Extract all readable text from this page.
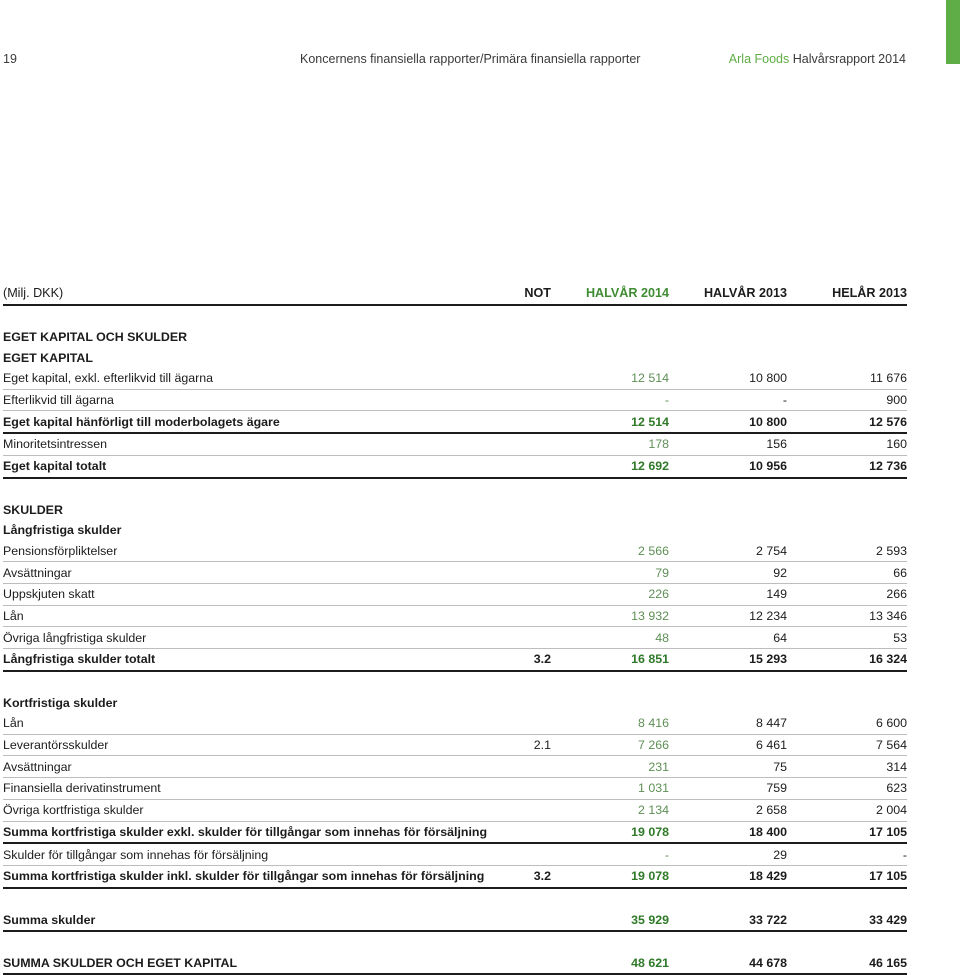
19	Koncernens finansiella rapporter/Primära finansiella rapporter	Arla Foods Halvårsrapport 2014
(Milj. DKK)	NOT	HALVÅR 2014	HALVÅR 2013	HELÅR 2013

EGET KAPITAL OCH SKULDER				
EGET KAPITAL				
Eget kapital, exkl. efterlikvid till ägarna		12 514	10 800	11 676
Efterlikvid till ägarna		-	-	900
Eget kapital hänförligt till moderbolagets ägare		12 514	10 800	12 576
Minoritetsintressen		178	156	160
Eget kapital totalt		12 692	10 956	12 736

SKULDER				
Långfristiga skulder				
Pensionsförpliktelser		2 566	2 754	2 593
Avsättningar		79	92	66
Uppskjuten skatt		226	149	266
Lån		13 932	12 234	13 346
Övriga långfristiga skulder		48	64	53
Långfristiga skulder totalt	3.2	16 851	15 293	16 324

Kortfristiga skulder				
Lån		8 416	8 447	6 600
Leverantörsskulder	2.1	7 266	6 461	7 564
Avsättningar		231	75	314
Finansiella derivatinstrument		1 031	759	623
Övriga kortfristiga skulder		2 134	2 658	2 004
Summa kortfristiga skulder exkl. skulder för tillgångar som innehas för försäljning		19 078	18 400	17 105
Skulder för tillgångar som innehas för försäljning		-	29	-
Summa kortfristiga skulder inkl. skulder för tillgångar som innehas för försäljning	3.2	19 078	18 429	17 105

Summa skulder		35 929	33 722	33 429

SUMMA SKULDER OCH EGET KAPITAL		48 621	44 678	46 165
